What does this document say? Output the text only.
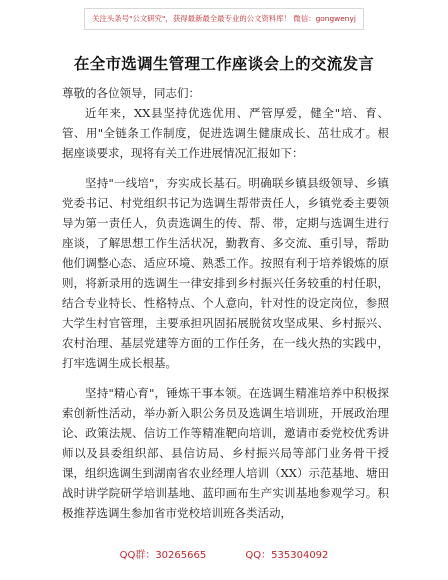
关注头条号"公文研究"，获得最新最全最专业的公文资料库！ 微信：gongwenyj
在全市选调生管理工作座谈会上的交流发言
尊敬的各位领导，同志们：

近年来，XX县坚持优选优用、严管厚爱，健全"培、育、管、用"全链条工作制度，促进选调生健康成长、茁壮成才。根据座谈要求，现将有关工作进展情况汇报如下：

坚持"一线培"，夯实成长基石。明确联乡镇县级领导、乡镇党委书记、村党组织书记为选调生帮带责任人，乡镇党委主要领导为第一责任人，负责选调生的传、帮、带，定期与选调生进行座谈，了解思想工作生活状况，勤教育、多交流、重引导，帮助他们调整心态、适应环境、熟悉工作。按照有利于培养锻炼的原则，将新录用的选调生一律安排到乡村振兴任务较重的村任职，结合专业特长、性格特点、个人意向，针对性的设定岗位，参照大学生村官管理，主要承担巩固拓展脱贫攻坚成果、乡村振兴、农村治理、基层党建等方面的工作任务，在一线火热的实践中，打牢选调生成长根基。

坚持"精心育"，锤炼干事本领。在选调生精准培养中积极探索创新性活动，举办新入职公务员及选调生培训班，开展政治理论、政策法规、信访工作等精准靶向培训，邀请市委党校优秀讲师以及县委组织部、县信访局、乡村振兴局等部门业务骨干授课，组织选调生到湖南省农业经理人培训（XX）示范基地、塘田战时讲学院研学培训基地、蓝印画布生产实训基地参观学习。积极推荐选调生参加省市党校培训班各类活动，

QQ群：30265665	QQ：535304092
